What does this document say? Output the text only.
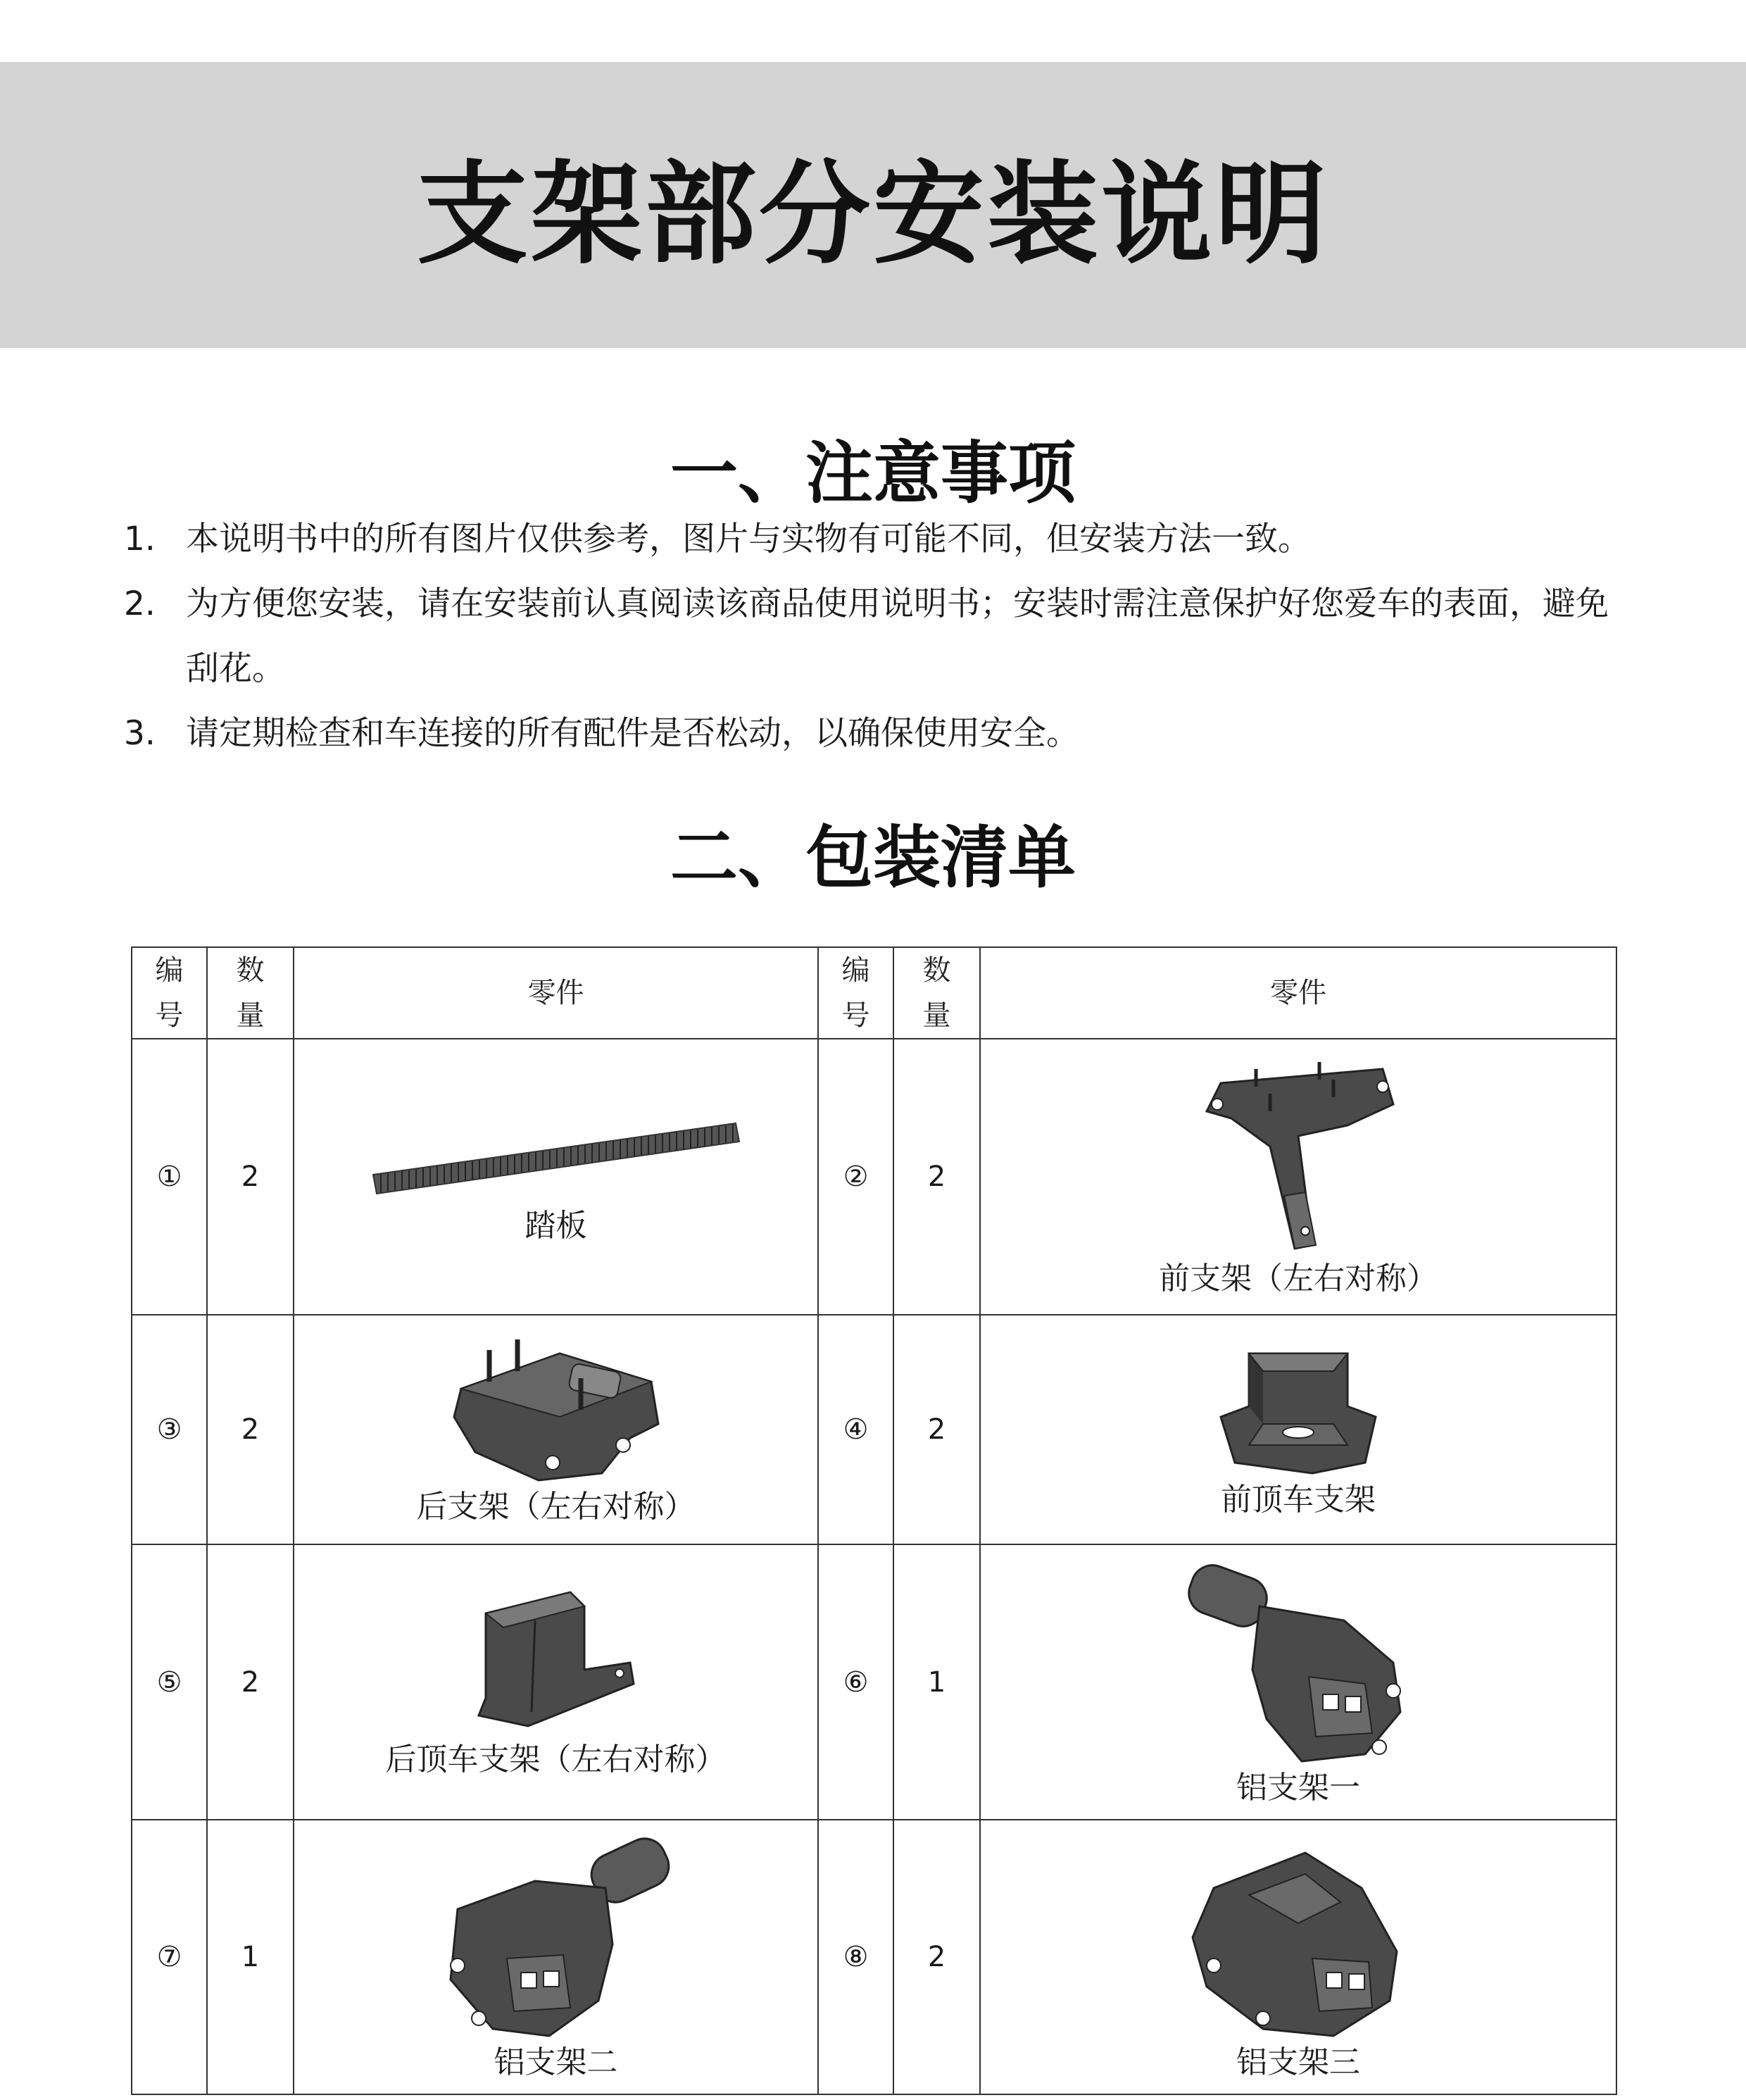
支架部分安装说明
一、注意事项
1. 本说明书中的所有图片仅供参考，图片与实物有可能不同，但安装方法一致。
2. 为方便您安装，请在安装前认真阅读该商品使用说明书；安装时需注意保护好您爱车的表面，避免刮花。
3. 请定期检查和车连接的所有配件是否松动，以确保使用安全。
二、包装清单
编号	数量	零件	编号	数量	零件
①	2	踏板	②	2	前支架（左右对称）

③	2	后支架（左右对称）	④	2	前顶车支架

⑤	2	后顶车支架（左右对称）	⑥	1	铝支架一

⑦	1	铝支架二	⑧	2	铝支架三
